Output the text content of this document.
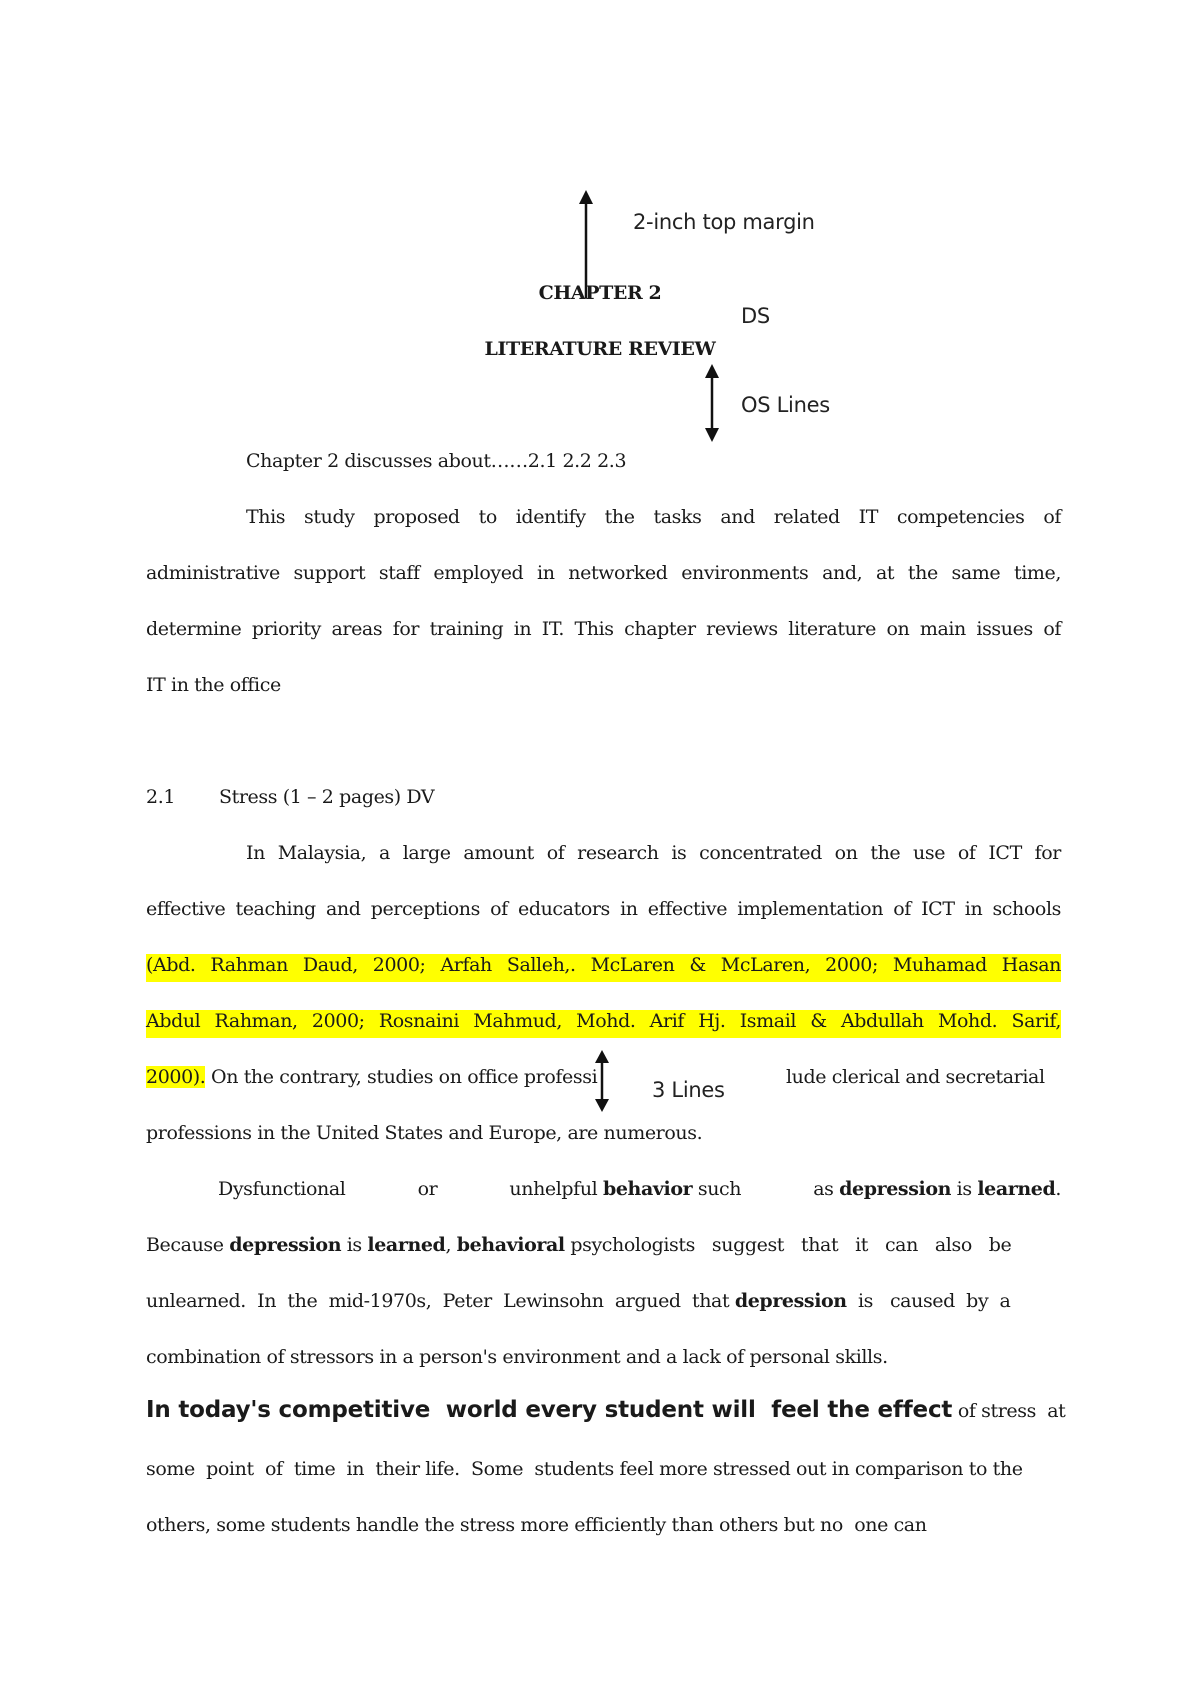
2-inch top margin
DS
OS Lines
CHAPTER 2
LITERATURE REVIEW
Chapter 2 discusses about……2.1 2.2 2.3
This study proposed to identify the tasks and related IT competencies of
administrative support staff employed in networked environments and, at the same time,
determine priority areas for training in IT. This chapter reviews literature on main issues of
IT in the office
2.1 Stress (1 – 2 pages) DV
In Malaysia, a large amount of research is concentrated on the use of ICT for
effective teaching and perceptions of educators in effective implementation of ICT in schools
(Abd. Rahman Daud, 2000; Arfah Salleh,. McLaren & McLaren, 2000; Muhamad Hasan
Abdul Rahman, 2000; Rosnaini Mahmud, Mohd. Arif Hj. Ismail & Abdullah Mohd. Sarif,
2000). On the contrary, studies on office professi	lude clerical and secretarial
professions in the United States and Europe, are numerous.
3 Lines
Dysfunctional	or	unhelpful behavior such	as depression is learned.
Because depression is learned, behavioral psychologists   suggest   that   it   can   also   be
unlearned.  In  the  mid-1970s,  Peter  Lewinsohn  argued  that depression  is   caused  by  a
combination of stressors in a person's environment and a lack of personal skills.
In today's competitive  world every student will  feel the effect of stress  at
some  point  of  time  in  their life.  Some  students feel more stressed out in comparison to the
others, some students handle the stress more efficiently than others but no  one can
